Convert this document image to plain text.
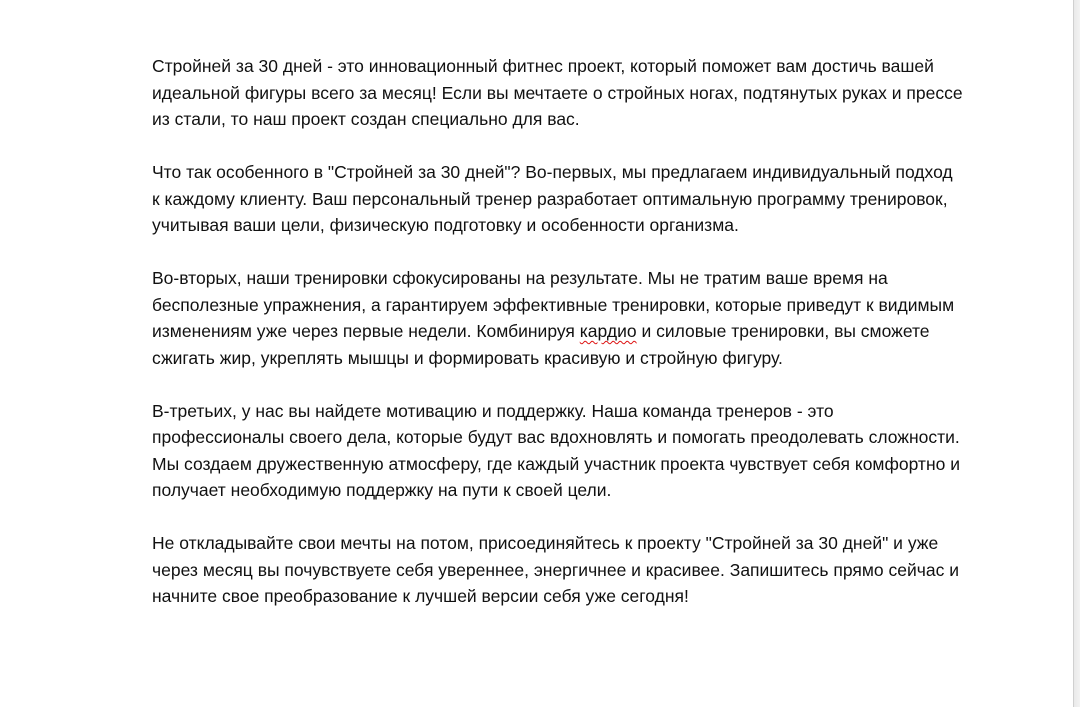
Стройней за 30 дней - это инновационный фитнес проект, который поможет вам достичь вашей
идеальной фигуры всего за месяц! Если вы мечтаете о стройных ногах, подтянутых руках и прессе
из стали, то наш проект создан специально для вас.

Что так особенного в "Стройней за 30 дней"? Во-первых, мы предлагаем индивидуальный подход
к каждому клиенту. Ваш персональный тренер разработает оптимальную программу тренировок,
учитывая ваши цели, физическую подготовку и особенности организма.

Во-вторых, наши тренировки сфокусированы на результате. Мы не тратим ваше время на
бесполезные упражнения, а гарантируем эффективные тренировки, которые приведут к видимым
изменениям уже через первые недели. Комбинируя кардио и силовые тренировки, вы сможете
сжигать жир, укреплять мышцы и формировать красивую и стройную фигуру.

В-третьих, у нас вы найдете мотивацию и поддержку. Наша команда тренеров - это
профессионалы своего дела, которые будут вас вдохновлять и помогать преодолевать сложности.
Мы создаем дружественную атмосферу, где каждый участник проекта чувствует себя комфортно и
получает необходимую поддержку на пути к своей цели.

Не откладывайте свои мечты на потом, присоединяйтесь к проекту "Стройней за 30 дней" и уже
через месяц вы почувствуете себя увереннее, энергичнее и красивее. Запишитесь прямо сейчас и
начните свое преобразование к лучшей версии себя уже сегодня!
